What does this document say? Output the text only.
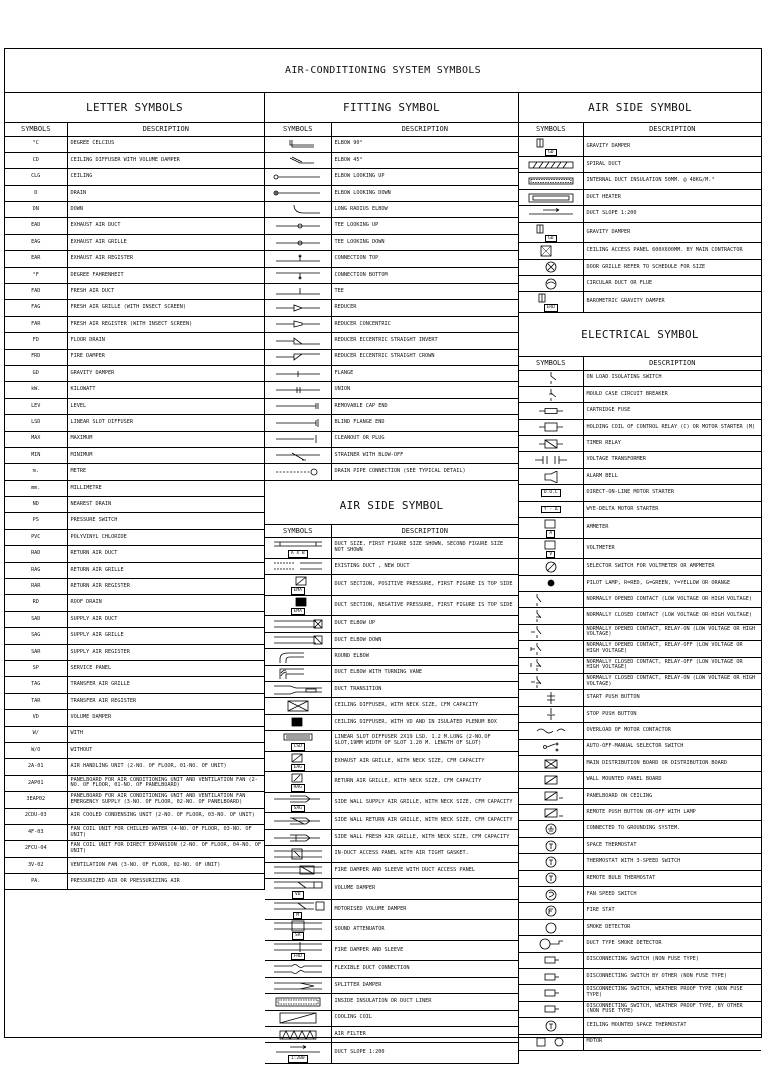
AIR-CONDITIONING SYSTEM SYMBOLS
LETTER SYMBOLS
SYMBOLS	DESCRIPTION
°C	DEGREE CELCIUS
CD	CEILING DIFFUSER WITH VOLUME DAMPER
CLG	CEILING
D	DRAIN
DN	DOWN
EAD	EXHAUST AIR DUCT
EAG	EXHAUST AIR GRILLE
EAR	EXHAUST AIR REGISTER
°F	DEGREE FAHRENHEIT
FAD	FRESH AIR DUCT
FAG	FRESH AIR GRILLE (WITH INSECT SCREEN)
FAR	FRESH AIR REGISTER (WITH INSECT SCREEN)
FD	FLOOR DRAIN
FRD	FIRE DAMPER
GD	GRAVITY DAMPER
kW.	KILOWATT
LEV	LEVEL
LSD	LINEAR SLOT DIFFUSER
MAX	MAXIMUM
MIN	MINIMUM
m.	METRE
mm.	MILLIMETRE
ND	NEAREST DRAIN
PS	PRESSURE SWITCH
PVC	POLYVINYL CHLORIDE
RAD	RETURN AIR DUCT
RAG	RETURN AIR GRILLE
RAR	RETURN AIR REGISTER
RD	ROOF DRAIN
SAD	SUPPLY AIR DUCT
SAG	SUPPLY AIR GRILLE
SAR	SUPPLY AIR REGISTER
SP	SERVICE PANEL
TAG	TRANSFER AIR GRILLE
TAR	TRANSFER AIR REGISTER
VD	VOLUME DAMPER
W/	WITH
W/O	WITHOUT
2A-01	AIR HANDLING UNIT (2-NO. OF FLOOR, 01-NO. OF UNIT)
2AP01	PANELBOARD FOR AIR CONDITIONING UNIT AND VENTILATION FAN (2-NO. OF FLOOR, 01-NO. OF PANELBOARD)
3EAP02	PANELBOARD FOR AIR CONDITIONING UNIT AND VENTILATION FAN EMERGENCY SUPPLY (3-NO. OF FLOOR, 02-NO. OF PANELBOARD)
2CDU-03	AIR COOLED CONDENSING UNIT (2-NO. OF FLOOR, 03-NO. OF UNIT)
4F-03	FAN COIL UNIT FOR CHILLED WATER (4-NO. OF FLOOR, 03-NO. OF UNIT)
2FCU-04	FAN COIL UNIT FOR DIRECT EXPANSION (2-NO. OF FLOOR, 04-NO. OF UNIT)
3V-02	VENTILATION FAN (3-NO. OF FLOOR, 02-NO. OF UNIT)
PA.	PRESSURIZED AIR OR PRESSURIZING AIR
FITTING SYMBOL
SYMBOLS	DESCRIPTION

	ELBOW 90°

	ELBOW 45°

	ELBOW LOOKING UP

	ELBOW LOOKING DOWN

	LONG RADIUS ELBOW

	TEE LOOKING UP

	TEE LOOKING DOWN

	CONNECTION TOP

	CONNECTION BOTTOM

	TEE

	REDUCER

	REDUCER CONCENTRIC

	REDUCER ECCENTRIC STRAIGHT INVERT

	REDUCER ECCENTRIC STRAIGHT CROWN

	FLANGE

	UNION

	REMOVABLE CAP END

	BLIND FLANGE END

	CLEANOUT OR PLUG

	STRAINER WITH BLOW-OFF

	DRAIN PIPE CONNECTION (SEE TYPICAL DETAIL)
AIR SIDE SYMBOL
SYMBOLS	DESCRIPTION

A X B	DUCT SIZE, FIRST FIGURE SIZE SHOWN, SECOND FIGURE SIZE NOT SHOWN

	EXISTING DUCT , NEW DUCT

EMA	DUCT SECTION, POSITIVE PRESSURE, FIRST FIGURE IS TOP SIDE

EMA	DUCT SECTION, NEGATIVE PRESSURE, FIRST FIGURE IS TOP SIDE

	DUCT ELBOW UP

	DUCT ELBOW DOWN

	ROUND ELBOW

	DUCT ELBOW WITH TURNING VANE

	DUCT TRANSITION

	CEILING DIFFUSER, WITH NECK SIZE, CFM CAPACITY

	CEILING DIFFUSER, WITH VD AND IN ISULATED PLENUM BOX

LSD	LINEAR SLOT DIFFUSER 2X19 LSD. 1.2 M.LONG (2-NO.OF SLOT,19MM WIDTH OF SLOT 1.20 M. LENGTH OF SLOT)

EAG	EXHAUST AIR GRILLE, WITH NECK SIZE, CFM CAPACITY

RAG	RETURN AIR GRILLE, WITH NECK SIZE, CFM CAPACITY

SAG	SIDE WALL SUPPLY AIR GRILLE, WITH NECK SIZE, CFM CAPACITY

	SIDE WALL RETURN AIR GRILLE, WITH NECK SIZE, CFM CAPACITY

	SIDE WALL FRESH AIR GRILLE, WITH NECK SIZE, CFM CAPACITY

	IN-DUCT ACCESS PANEL WITH AIR TIGHT GASKET.

	FIRE DAMPER AND SLEEVE WITH DUCT ACCESS PANEL

VD	VOLUME DAMPER

M	MOTORISED VOLUME DAMPER

SA	SOUND ATTENUATOR

FRD	FIRE DAMPER AND SLEEVE

	FLEXIBLE DUCT CONNECTION

	SPLITTER DAMPER

	INSIDE INSULATION OR DUCT LINER

	COOLING COIL

	AIR FILTER

1:200	DUCT SLOPE 1:200
AIR SIDE SYMBOL
SYMBOLS	DESCRIPTION

GD	GRAVITY DAMPER

	SPIRAL DUCT

	INTERNAL DUCT INSULATION 50MM. @ 48KG/M.³

	DUCT HEATER

	DUCT SLOPE 1:200

GD	GRAVITY DAMPER

	CEILING ACCESS PANEL 600X600MM. BY MAIN CONTRACTOR

	DOOR GRILLE REFER TO SCHEDULE FOR SIZE

	CIRCULAR DUCT OR FLUE

ERD	BAROMETRIC GRAVITY DAMPER
ELECTRICAL SYMBOL
SYMBOLS	DESCRIPTION

	ON LOAD ISOLATING SWITCH

	MOULD CASE CIRCUIT BREAKER

	CARTRIDGE FUSE

	HOLDING COIL OF CONTROL RELAY (C) OR MOTOR STARTER (M)

	TIMER RELAY

	VOLTAGE TRANSFORMER

	ALARM BELL
D.O.L	DIRECT-ON-LINE MOTOR STARTER
Y - Δ	WYE-DELTA MOTOR STARTER

A	AMMETER

V	VOLTMETER

	SELECTOR SWITCH FOR VOLTMETER OR AMPMETER

	PILOT LAMP, R=RED, G=GREEN, Y=YELLOW OR ORANGE

	NORMALLY OPENED CONTACT (LOW VOLTAGE OR HIGH VOLTAGE)

	NORMALLY CLOSED CONTACT (LOW VOLTAGE OR HIGH VOLTAGE)

	NORMALLY OPENED CONTACT, RELAY-ON (LOW VOLTAGE OR HIGH VOLTAGE)

	NORMALLY OPENED CONTACT, RELAY-OFF (LOW VOLTAGE OR HIGH VOLTAGE)

	NORMALLY CLOSED CONTACT, RELAY-OFF (LOW VOLTAGE OR HIGH VOLTAGE)

	NORMALLY CLOSED CONTACT, RELAY-ON (LOW VOLTAGE OR HIGH VOLTAGE)

	START PUSH BUTTON

	STOP PUSH BUTTON

	OVERLOAD OF MOTOR CONTACTOR

	AUTO-OFF-MANUAL SELECTOR SWITCH

	MAIN DISTRIBUTION BOARD OR DISTRIBUTION BOARD

	WALL MOUNTED PANEL BOARD

	PANELBOARD ON CEILING

	REMOTE PUSH BUTTON ON-OFF WITH LAMP

	CONNECTED TO GROUNDING SYSTEM.

	SPACE THERMOSTAT

	THERMOSTAT WITH 3-SPEED SWITCH

	REMOTE BULB THERMOSTAT

	FAN SPEED SWITCH

	FIRE STAT

	SMOKE DETECTOR

	DUCT TYPE SMOKE DETECTOR

	DISCONNECTING SWITCH (NON FUSE TYPE)

	DISCONNECTING SWITCH BY OTHER (NON FUSE TYPE)

	DISCONNECTING SWITCH, WEATHER PROOF TYPE (NON FUSE TYPE)

	DISCONNECTING SWITCH, WEATHER PROOF TYPE, BY OTHER (NON FUSE TYPE)

	CEILING MOUNTED SPACE THERMOSTAT

	MOTOR
